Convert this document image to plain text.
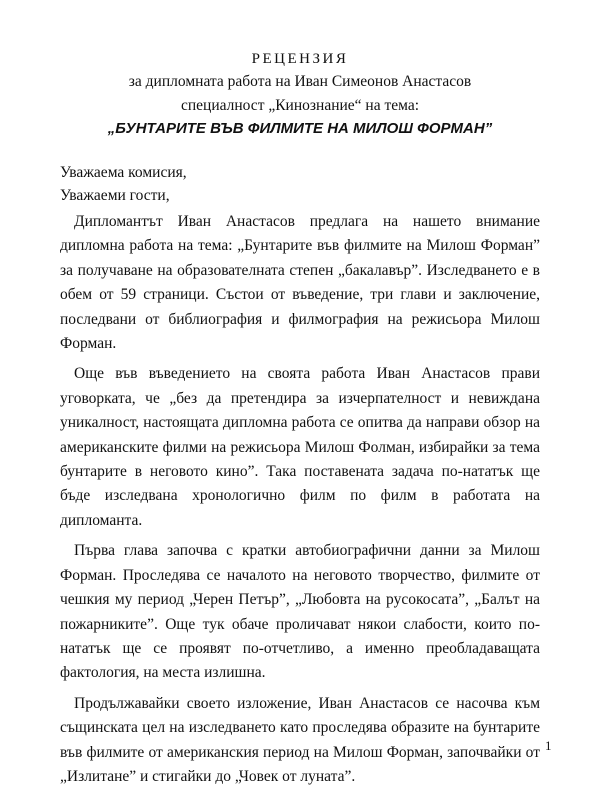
РЕЦЕНЗИЯ
за дипломната работа на Иван Симеонов Анастасов
специалност „Кинознание“ на тема:
„БУНТАРИТЕ ВЪВ ФИЛМИТЕ НА МИЛОШ ФОРМАН”
Уважаема комисия,
Уважаеми гости,

Дипломантът Иван Анастасов предлага на нашето внимание дипломна работа на тема: „Бунтарите във филмите на Милош Форман” за получаване на образователната степен „бакалавър”. Изследването е в обем от 59 страници. Състои от въведение, три глави и заключение, последвани от библиография и филмография на режисьора Милош Форман.

Още във въведението на своята работа Иван Анастасов прави уговорката, че „без да претендира за изчерпателност и невиждана уникалност, настоящата дипломна работа се опитва да направи обзор на американските филми на режисьора Милош Фолман, избирайки за тема бунтарите в неговото кино”. Така поставената задача по-нататък ще бъде изследвана хронологично филм по филм в работата на дипломанта.

Първа глава започва с кратки автобиографични данни за Милош Форман. Проследява се началото на неговото творчество, филмите от чешкия му период „Черен Петър”, „Любовта на русокосата”, „Балът на пожарниките”. Още тук обаче проличават някои слабости, които по-нататък ще се проявят по-отчетливо, а именно преобладаващата фактология, на места излишна.

Продължавайки своето изложение, Иван Анастасов се насочва към същинската цел на изследването като проследява образите на бунтарите във филмите от американския период на Милош Форман, започвайки от „Излитане” и стигайки до „Човек от луната”.

1
